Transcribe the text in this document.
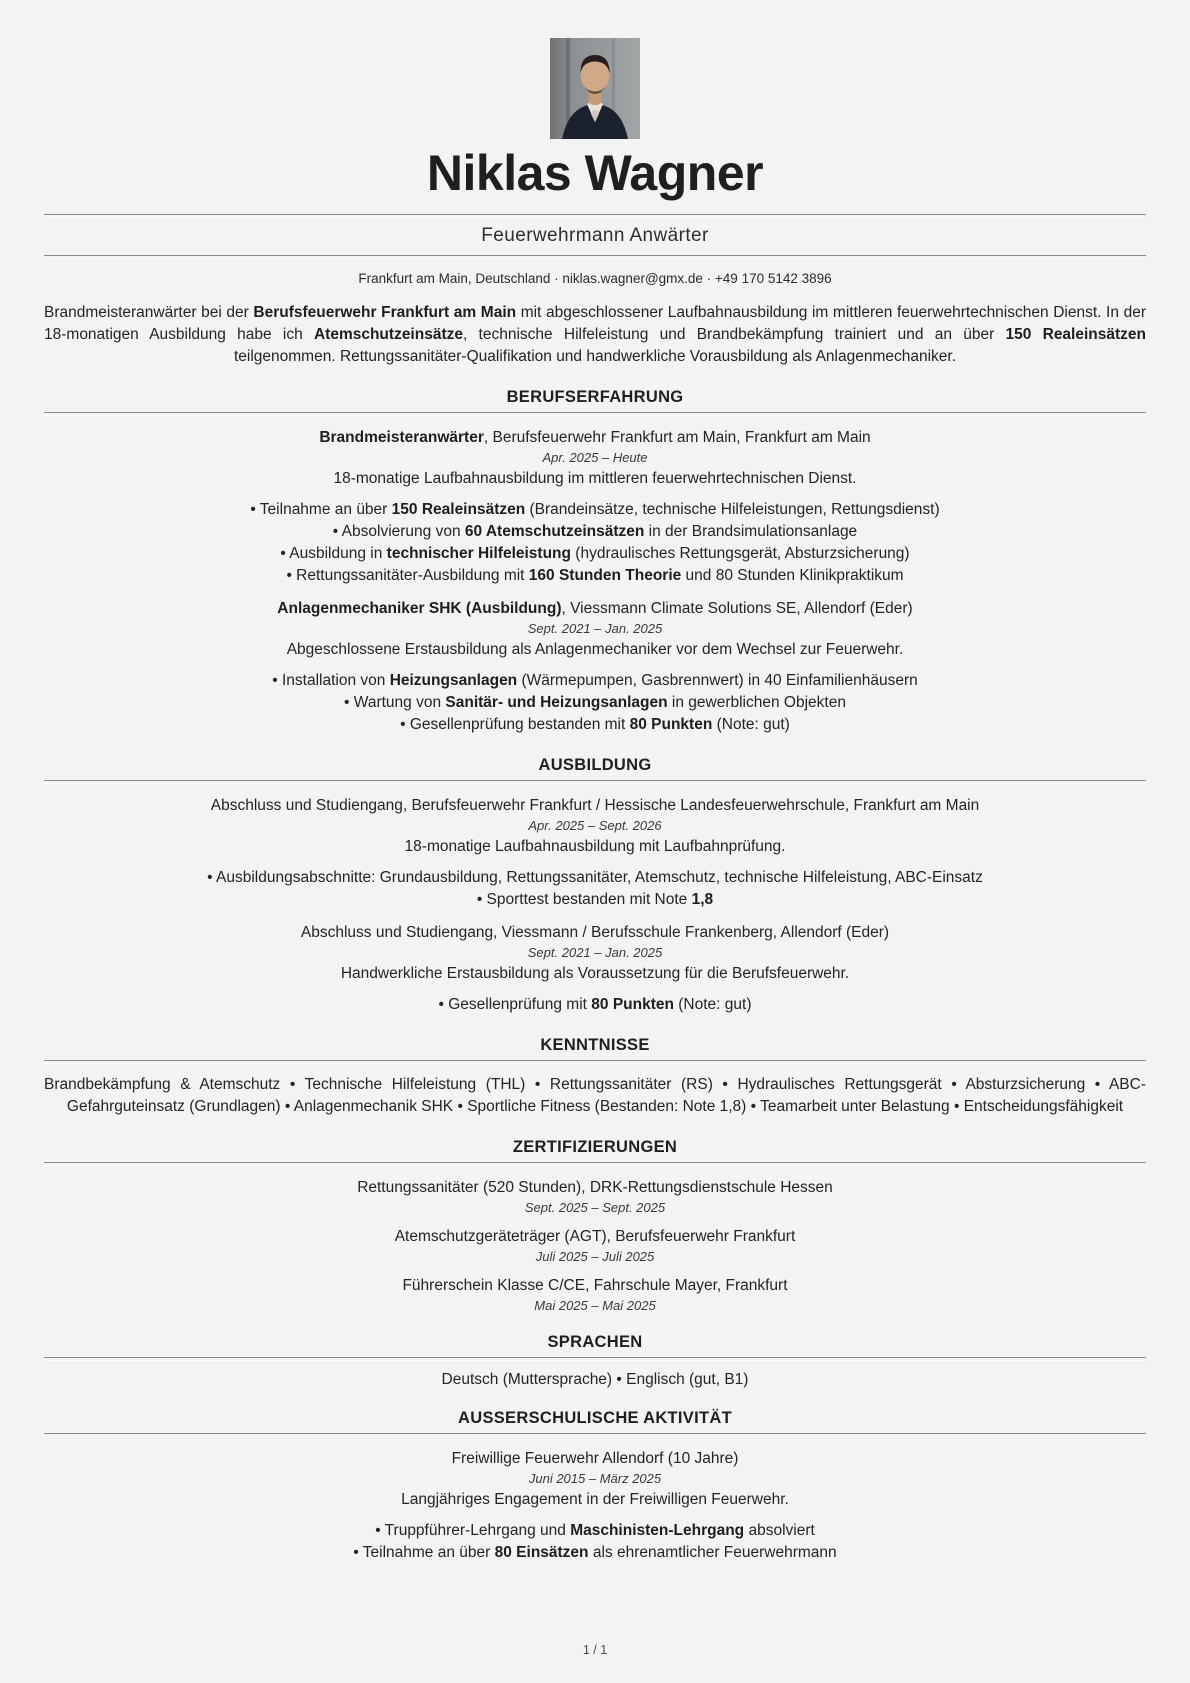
Niklas Wagner
Feuerwehrmann Anwärter
Frankfurt am Main, Deutschland · niklas.wagner@gmx.de · +49 170 5142 3896

Brandmeisteranwärter bei der Berufsfeuerwehr Frankfurt am Main mit abgeschlossener Laufbahnausbildung im mittleren feuerwehrtechnischen Dienst. In der 18-monatigen Ausbildung habe ich Atemschutzeinsätze, technische Hilfeleistung und Brandbekämpfung trainiert und an über 150 Realeinsätzen teilgenommen. Rettungssanitäter-Qualifikation und handwerkliche Vorausbildung als Anlagenmechaniker.

BERUFSERFAHRUNG
Brandmeisteranwärter, Berufsfeuerwehr Frankfurt am Main, Frankfurt am Main
Apr. 2025 – Heute
18-monatige Laufbahnausbildung im mittleren feuerwehrtechnischen Dienst.
• Teilnahme an über 150 Realeinsätzen (Brandeinsätze, technische Hilfeleistungen, Rettungsdienst)
• Absolvierung von 60 Atemschutzeinsätzen in der Brandsimulationsanlage
• Ausbildung in technischer Hilfeleistung (hydraulisches Rettungsgerät, Absturzsicherung)
• Rettungssanitäter-Ausbildung mit 160 Stunden Theorie und 80 Stunden Klinikpraktikum
Anlagenmechaniker SHK (Ausbildung), Viessmann Climate Solutions SE, Allendorf (Eder)
Sept. 2021 – Jan. 2025
Abgeschlossene Erstausbildung als Anlagenmechaniker vor dem Wechsel zur Feuerwehr.
• Installation von Heizungsanlagen (Wärmepumpen, Gasbrennwert) in 40 Einfamilienhäusern
• Wartung von Sanitär- und Heizungsanlagen in gewerblichen Objekten
• Gesellenprüfung bestanden mit 80 Punkten (Note: gut)
AUSBILDUNG
Abschluss und Studiengang, Berufsfeuerwehr Frankfurt / Hessische Landesfeuerwehrschule, Frankfurt am Main
Apr. 2025 – Sept. 2026
18-monatige Laufbahnausbildung mit Laufbahnprüfung.
• Ausbildungsabschnitte: Grundausbildung, Rettungssanitäter, Atemschutz, technische Hilfeleistung, ABC-Einsatz
• Sporttest bestanden mit Note 1,8
Abschluss und Studiengang, Viessmann / Berufsschule Frankenberg, Allendorf (Eder)
Sept. 2021 – Jan. 2025
Handwerkliche Erstausbildung als Voraussetzung für die Berufsfeuerwehr.
• Gesellenprüfung mit 80 Punkten (Note: gut)
KENNTNISSE

Brandbekämpfung & Atemschutz • Technische Hilfeleistung (THL) • Rettungssanitäter (RS) • Hydraulisches Rettungsgerät • Absturzsicherung • ABC-Gefahrguteinsatz (Grundlagen) • Anlagenmechanik SHK • Sportliche Fitness (Bestanden: Note 1,8) • Teamarbeit unter Belastung • Entscheidungsfähigkeit

ZERTIFIZIERUNGEN
Rettungssanitäter (520 Stunden), DRK-Rettungsdienstschule Hessen
Sept. 2025 – Sept. 2025
Atemschutzgeräteträger (AGT), Berufsfeuerwehr Frankfurt
Juli 2025 – Juli 2025
Führerschein Klasse C/CE, Fahrschule Mayer, Frankfurt
Mai 2025 – Mai 2025
SPRACHEN
Deutsch (Muttersprache) • Englisch (gut, B1)
AUSSERSCHULISCHE AKTIVITÄT
Freiwillige Feuerwehr Allendorf (10 Jahre)
Juni 2015 – März 2025
Langjähriges Engagement in der Freiwilligen Feuerwehr.
• Truppführer-Lehrgang und Maschinisten-Lehrgang absolviert
• Teilnahme an über 80 Einsätzen als ehrenamtlicher Feuerwehrmann
1 / 1
